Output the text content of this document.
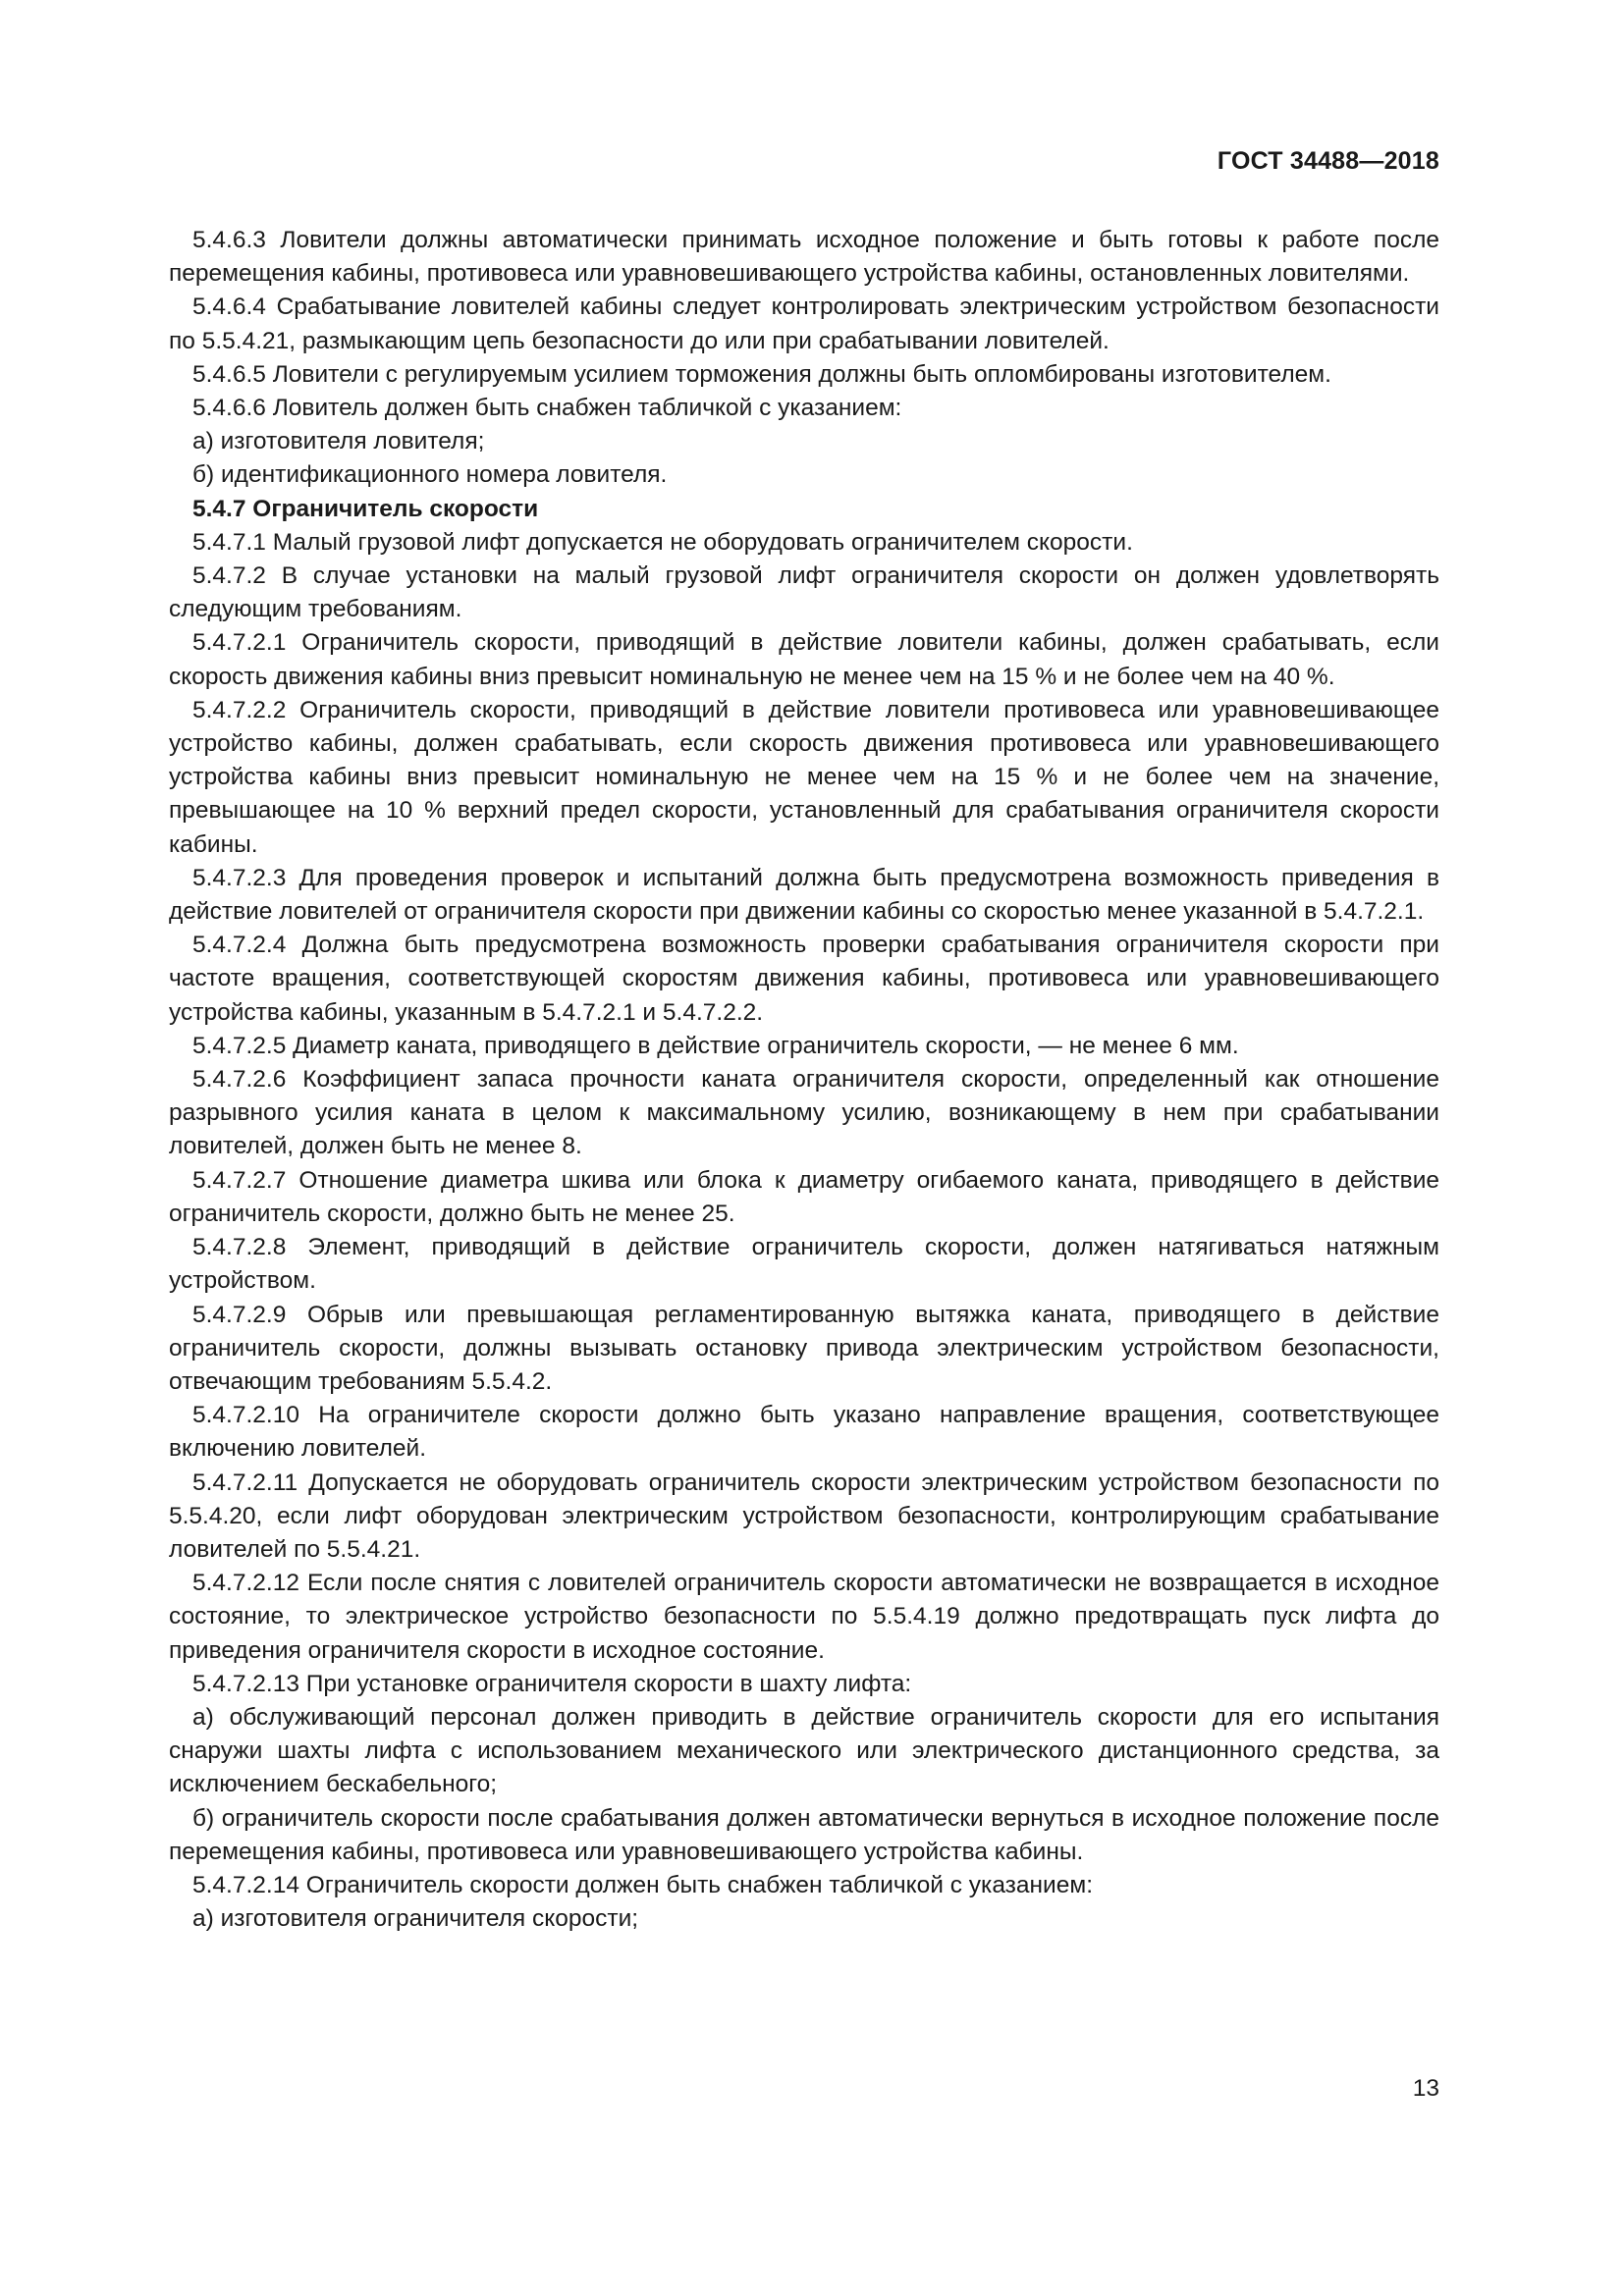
ГОСТ 34488—2018

5.4.6.3 Ловители должны автоматически принимать исходное положение и быть готовы к работе после перемещения кабины, противовеса или уравновешивающего устройства кабины, остановленных ловителями.

5.4.6.4 Срабатывание ловителей кабины следует контролировать электрическим устройством безопасности по 5.5.4.21, размыкающим цепь безопасности до или при срабатывании ловителей.

5.4.6.5 Ловители с регулируемым усилием торможения должны быть опломбированы изготовителем.

5.4.6.6 Ловитель должен быть снабжен табличкой с указанием:

а) изготовителя ловителя;

б) идентификационного номера ловителя.

5.4.7 Ограничитель скорости

5.4.7.1 Малый грузовой лифт допускается не оборудовать ограничителем скорости.

5.4.7.2 В случае установки на малый грузовой лифт ограничителя скорости он должен удовлетворять следующим требованиям.

5.4.7.2.1 Ограничитель скорости, приводящий в действие ловители кабины, должен срабатывать, если скорость движения кабины вниз превысит номинальную не менее чем на 15 % и не более чем на 40 %.

5.4.7.2.2 Ограничитель скорости, приводящий в действие ловители противовеса или уравновешивающее устройство кабины, должен срабатывать, если скорость движения противовеса или уравновешивающего устройства кабины вниз превысит номинальную не менее чем на 15 % и не более чем на значение, превышающее на 10 % верхний предел скорости, установленный для срабатывания ограничителя скорости кабины.

5.4.7.2.3 Для проведения проверок и испытаний должна быть предусмотрена возможность приведения в действие ловителей от ограничителя скорости при движении кабины со скоростью менее указанной в 5.4.7.2.1.

5.4.7.2.4 Должна быть предусмотрена возможность проверки срабатывания ограничителя скорости при частоте вращения, соответствующей скоростям движения кабины, противовеса или уравновешивающего устройства кабины, указанным в 5.4.7.2.1 и 5.4.7.2.2.

5.4.7.2.5 Диаметр каната, приводящего в действие ограничитель скорости, — не менее 6 мм.

5.4.7.2.6 Коэффициент запаса прочности каната ограничителя скорости, определенный как отношение разрывного усилия каната в целом к максимальному усилию, возникающему в нем при срабатывании ловителей, должен быть не менее 8.

5.4.7.2.7 Отношение диаметра шкива или блока к диаметру огибаемого каната, приводящего в действие ограничитель скорости, должно быть не менее 25.

5.4.7.2.8 Элемент, приводящий в действие ограничитель скорости, должен натягиваться натяжным устройством.

5.4.7.2.9 Обрыв или превышающая регламентированную вытяжка каната, приводящего в действие ограничитель скорости, должны вызывать остановку привода электрическим устройством безопасности, отвечающим требованиям 5.5.4.2.

5.4.7.2.10 На ограничителе скорости должно быть указано направление вращения, соответствующее включению ловителей.

5.4.7.2.11 Допускается не оборудовать ограничитель скорости электрическим устройством безопасности по 5.5.4.20, если лифт оборудован электрическим устройством безопасности, контролирующим срабатывание ловителей по 5.5.4.21.

5.4.7.2.12 Если после снятия с ловителей ограничитель скорости автоматически не возвращается в исходное состояние, то электрическое устройство безопасности по 5.5.4.19 должно предотвращать пуск лифта до приведения ограничителя скорости в исходное состояние.

5.4.7.2.13 При установке ограничителя скорости в шахту лифта:

а) обслуживающий персонал должен приводить в действие ограничитель скорости для его испытания снаружи шахты лифта с использованием механического или электрического дистанционного средства, за исключением бескабельного;

б) ограничитель скорости после срабатывания должен автоматически вернуться в исходное положение после перемещения кабины, противовеса или уравновешивающего устройства кабины.

5.4.7.2.14 Ограничитель скорости должен быть снабжен табличкой с указанием:

а) изготовителя ограничителя скорости;

13
